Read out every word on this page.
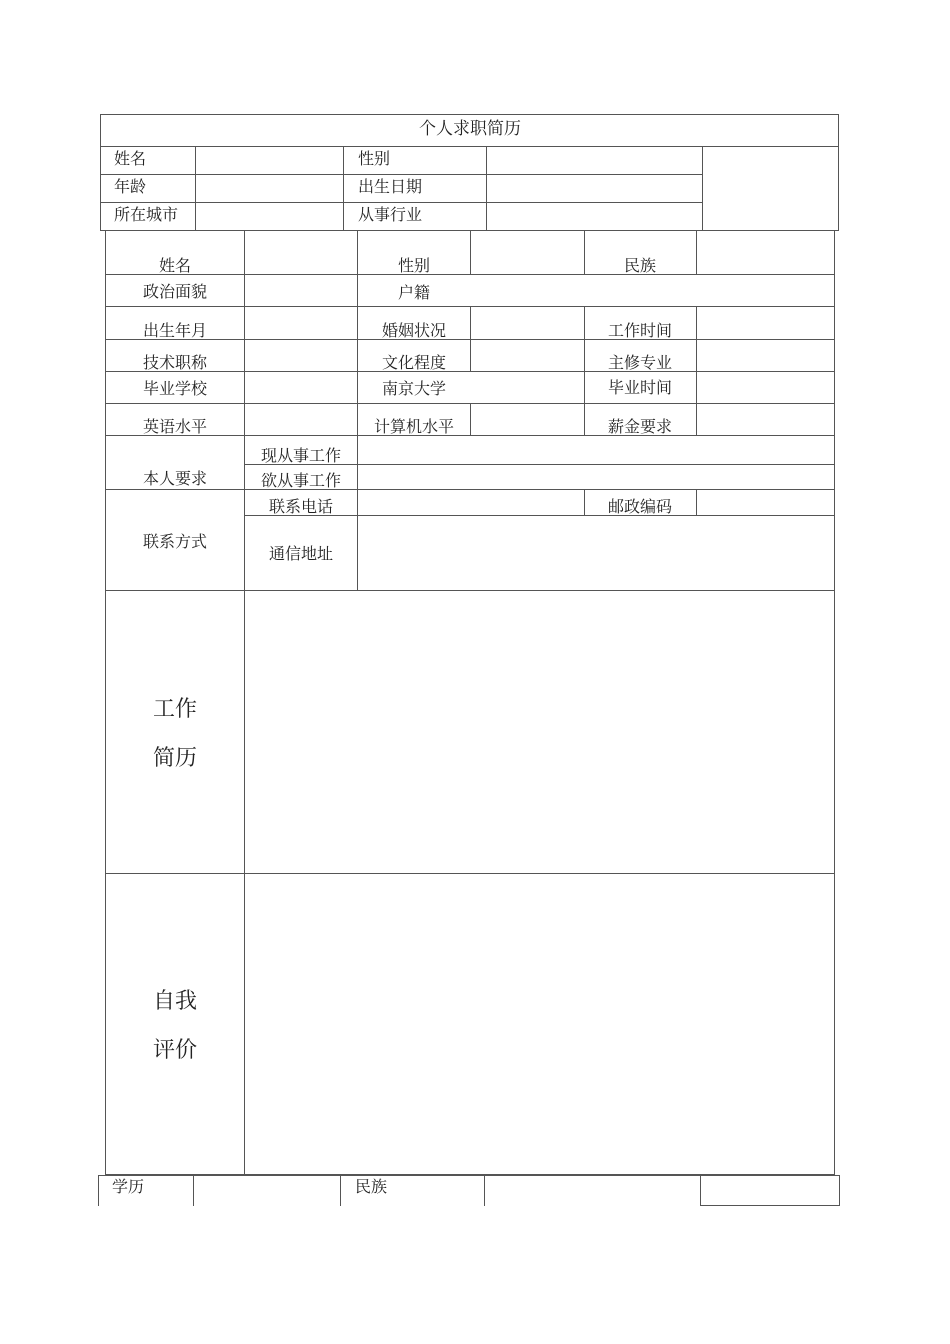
个人求职简历
姓名	性别
年龄	出生日期
所在城市	从事行业
姓名	性别	民族
政治面貌	户籍
出生年月	婚姻状况	工作时间
技术职称	文化程度	主修专业
毕业学校	南京大学	毕业时间
英语水平	计算机水平	薪金要求
本人要求
现从事工作
欲从事工作
联系方式
联系电话	邮政编码
通信地址
工作
简历
自我
评价
学历	民族
